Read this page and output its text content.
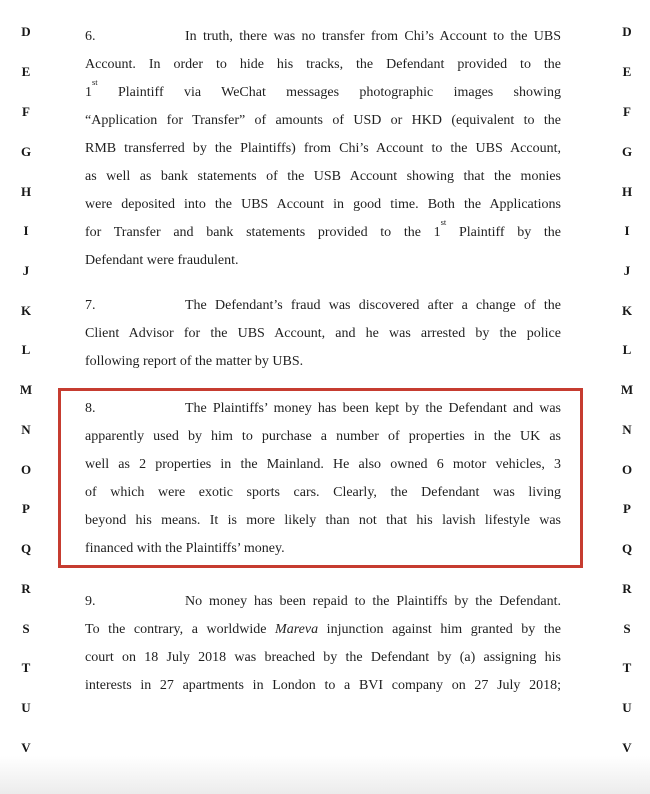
D
E
F
G
H
I
J
K
L
M
N
O
P
Q
R
S
T
U
V
D
E
F
G
H
I
J
K
L
M
N
O
P
Q
R
S
T
U
V
6.	In truth, there was no transfer from Chi’s Account to the UBS
Account. In order to hide his tracks, the Defendant provided to the
1st Plaintiff via WeChat messages photographic images showing
“Application for Transfer” of amounts of USD or HKD (equivalent to the
RMB transferred by the Plaintiffs) from Chi’s Account to the UBS Account,
as well as bank statements of the USB Account showing that the monies
were deposited into the UBS Account in good time. Both the Applications
for Transfer and bank statements provided to the 1st Plaintiff by the
Defendant were fraudulent.
7.	The Defendant’s fraud was discovered after a change of the
Client Advisor for the UBS Account, and he was arrested by the police
following report of the matter by UBS.
8.	The Plaintiffs’ money has been kept by the Defendant and was
apparently used by him to purchase a number of properties in the UK as
well as 2 properties in the Mainland. He also owned 6 motor vehicles, 3
of which were exotic sports cars. Clearly, the Defendant was living
beyond his means. It is more likely than not that his lavish lifestyle was
financed with the Plaintiffs’ money.
9.	No money has been repaid to the Plaintiffs by the Defendant.
To the contrary, a worldwide Mareva injunction against him granted by the
court on 18 July 2018 was breached by the Defendant by (a) assigning his
interests in 27 apartments in London to a BVI company on 27 July 2018;
